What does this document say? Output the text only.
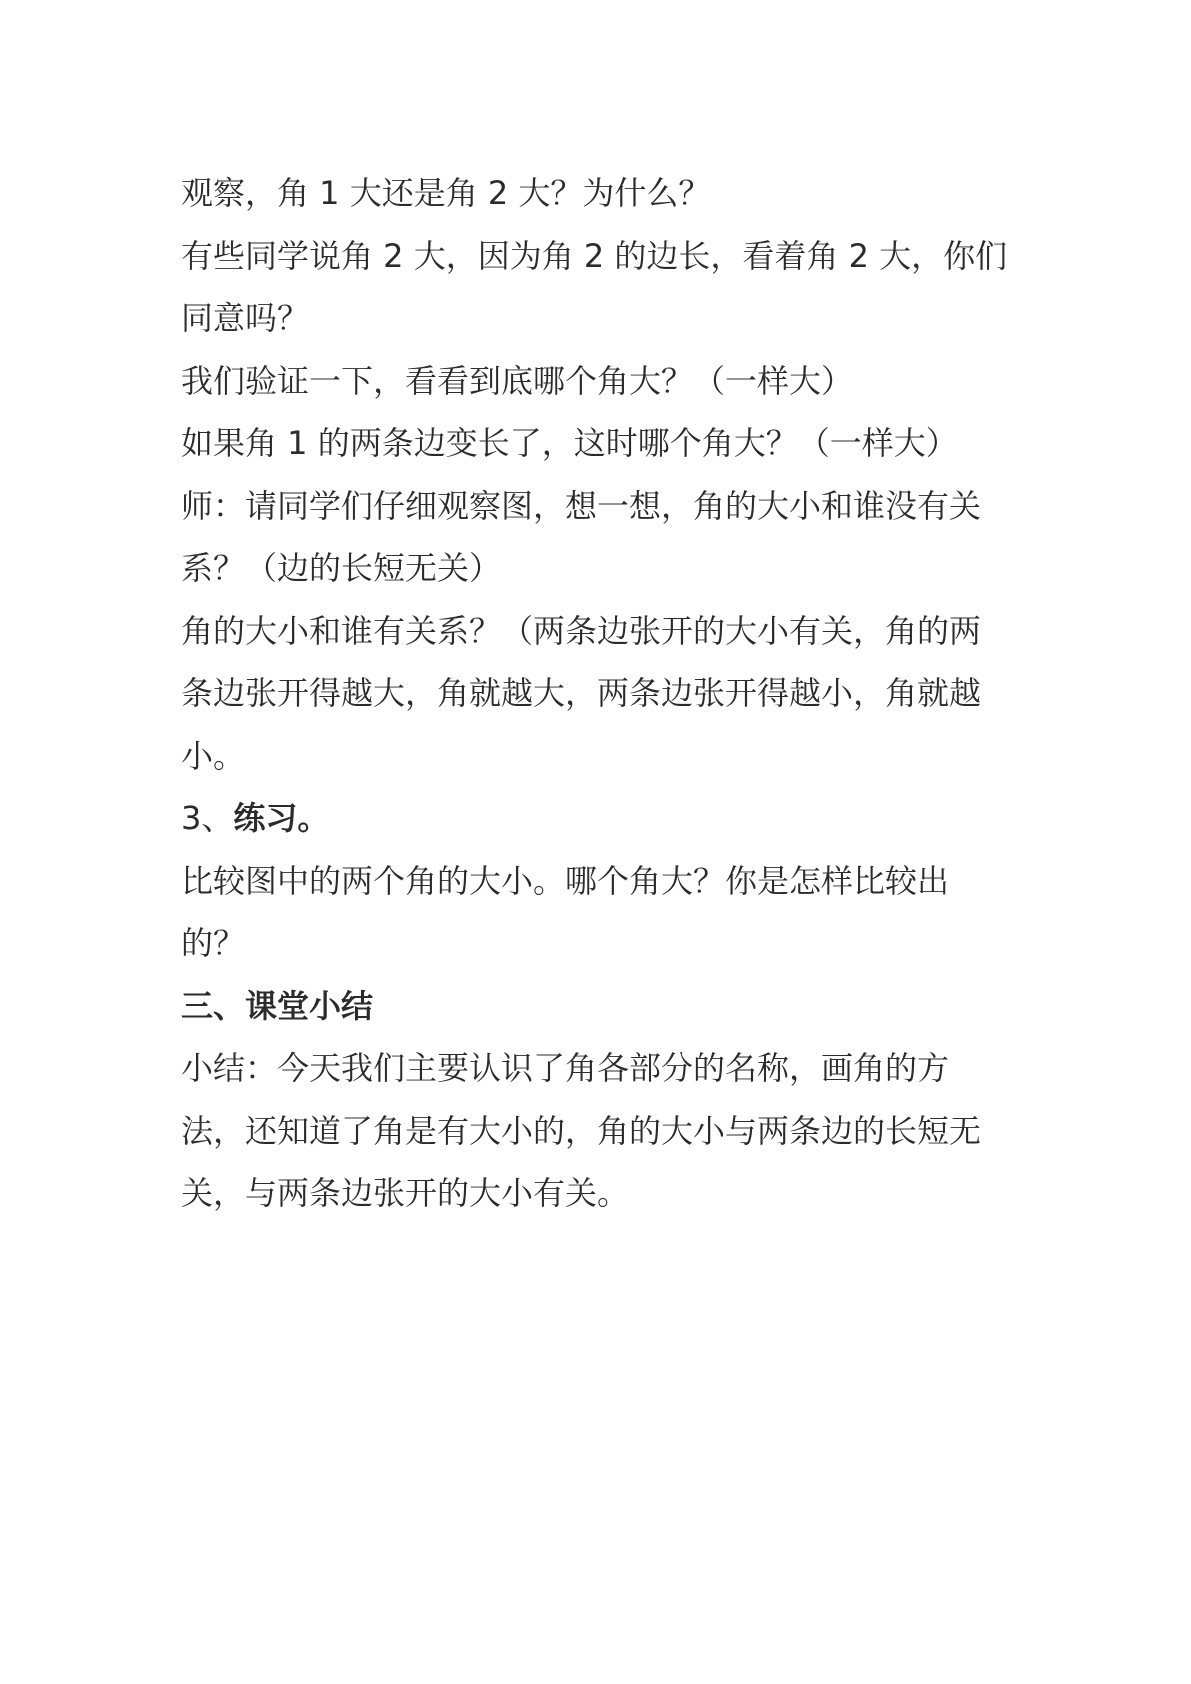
观察，角 1 大还是角 2 大？为什么？
有些同学说角 2 大，因为角 2 的边长，看着角 2 大，你们
同意吗？
我们验证一下，看看到底哪个角大？（一样大）
如果角 1 的两条边变长了，这时哪个角大？（一样大）
师：请同学们仔细观察图，想一想，角的大小和谁没有关
系？（边的长短无关）
角的大小和谁有关系？（两条边张开的大小有关，角的两
条边张开得越大，角就越大，两条边张开得越小，角就越
小。
3、练习。
比较图中的两个角的大小。哪个角大？你是怎样比较出
的？
三、课堂小结
小结：今天我们主要认识了角各部分的名称，画角的方
法，还知道了角是有大小的，角的大小与两条边的长短无
关，与两条边张开的大小有关。
